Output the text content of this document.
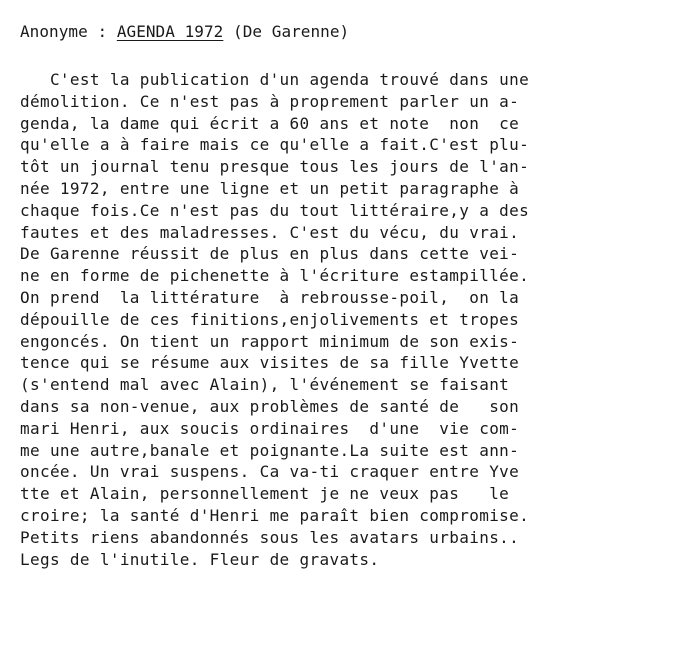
Anonyme : AGENDA 1972 (De Garenne)
C'est la publication d'un agenda trouvé dans une
démolition. Ce n'est pas à proprement parler un a-
genda, la dame qui écrit a 60 ans et note  non  ce
qu'elle a à faire mais ce qu'elle a fait.C'est plu-
tôt un journal tenu presque tous les jours de l'an-
née 1972, entre une ligne et un petit paragraphe à
chaque fois.Ce n'est pas du tout littéraire,y a des
fautes et des maladresses. C'est du vécu, du vrai.
De Garenne réussit de plus en plus dans cette vei-
ne en forme de pichenette à l'écriture estampillée.
On prend  la littérature  à rebrousse-poil,  on la
dépouille de ces finitions,enjolivements et tropes
engoncés. On tient un rapport minimum de son exis-
tence qui se résume aux visites de sa fille Yvette
(s'entend mal avec Alain), l'événement se faisant
dans sa non-venue, aux problèmes de santé de   son
mari Henri, aux soucis ordinaires  d'une  vie com-
me une autre,banale et poignante.La suite est ann-
oncée. Un vrai suspens. Ca va-ti craquer entre Yve
tte et Alain, personnellement je ne veux pas   le
croire; la santé d'Henri me paraît bien compromise.
Petits riens abandonnés sous les avatars urbains..
Legs de l'inutile. Fleur de gravats.
